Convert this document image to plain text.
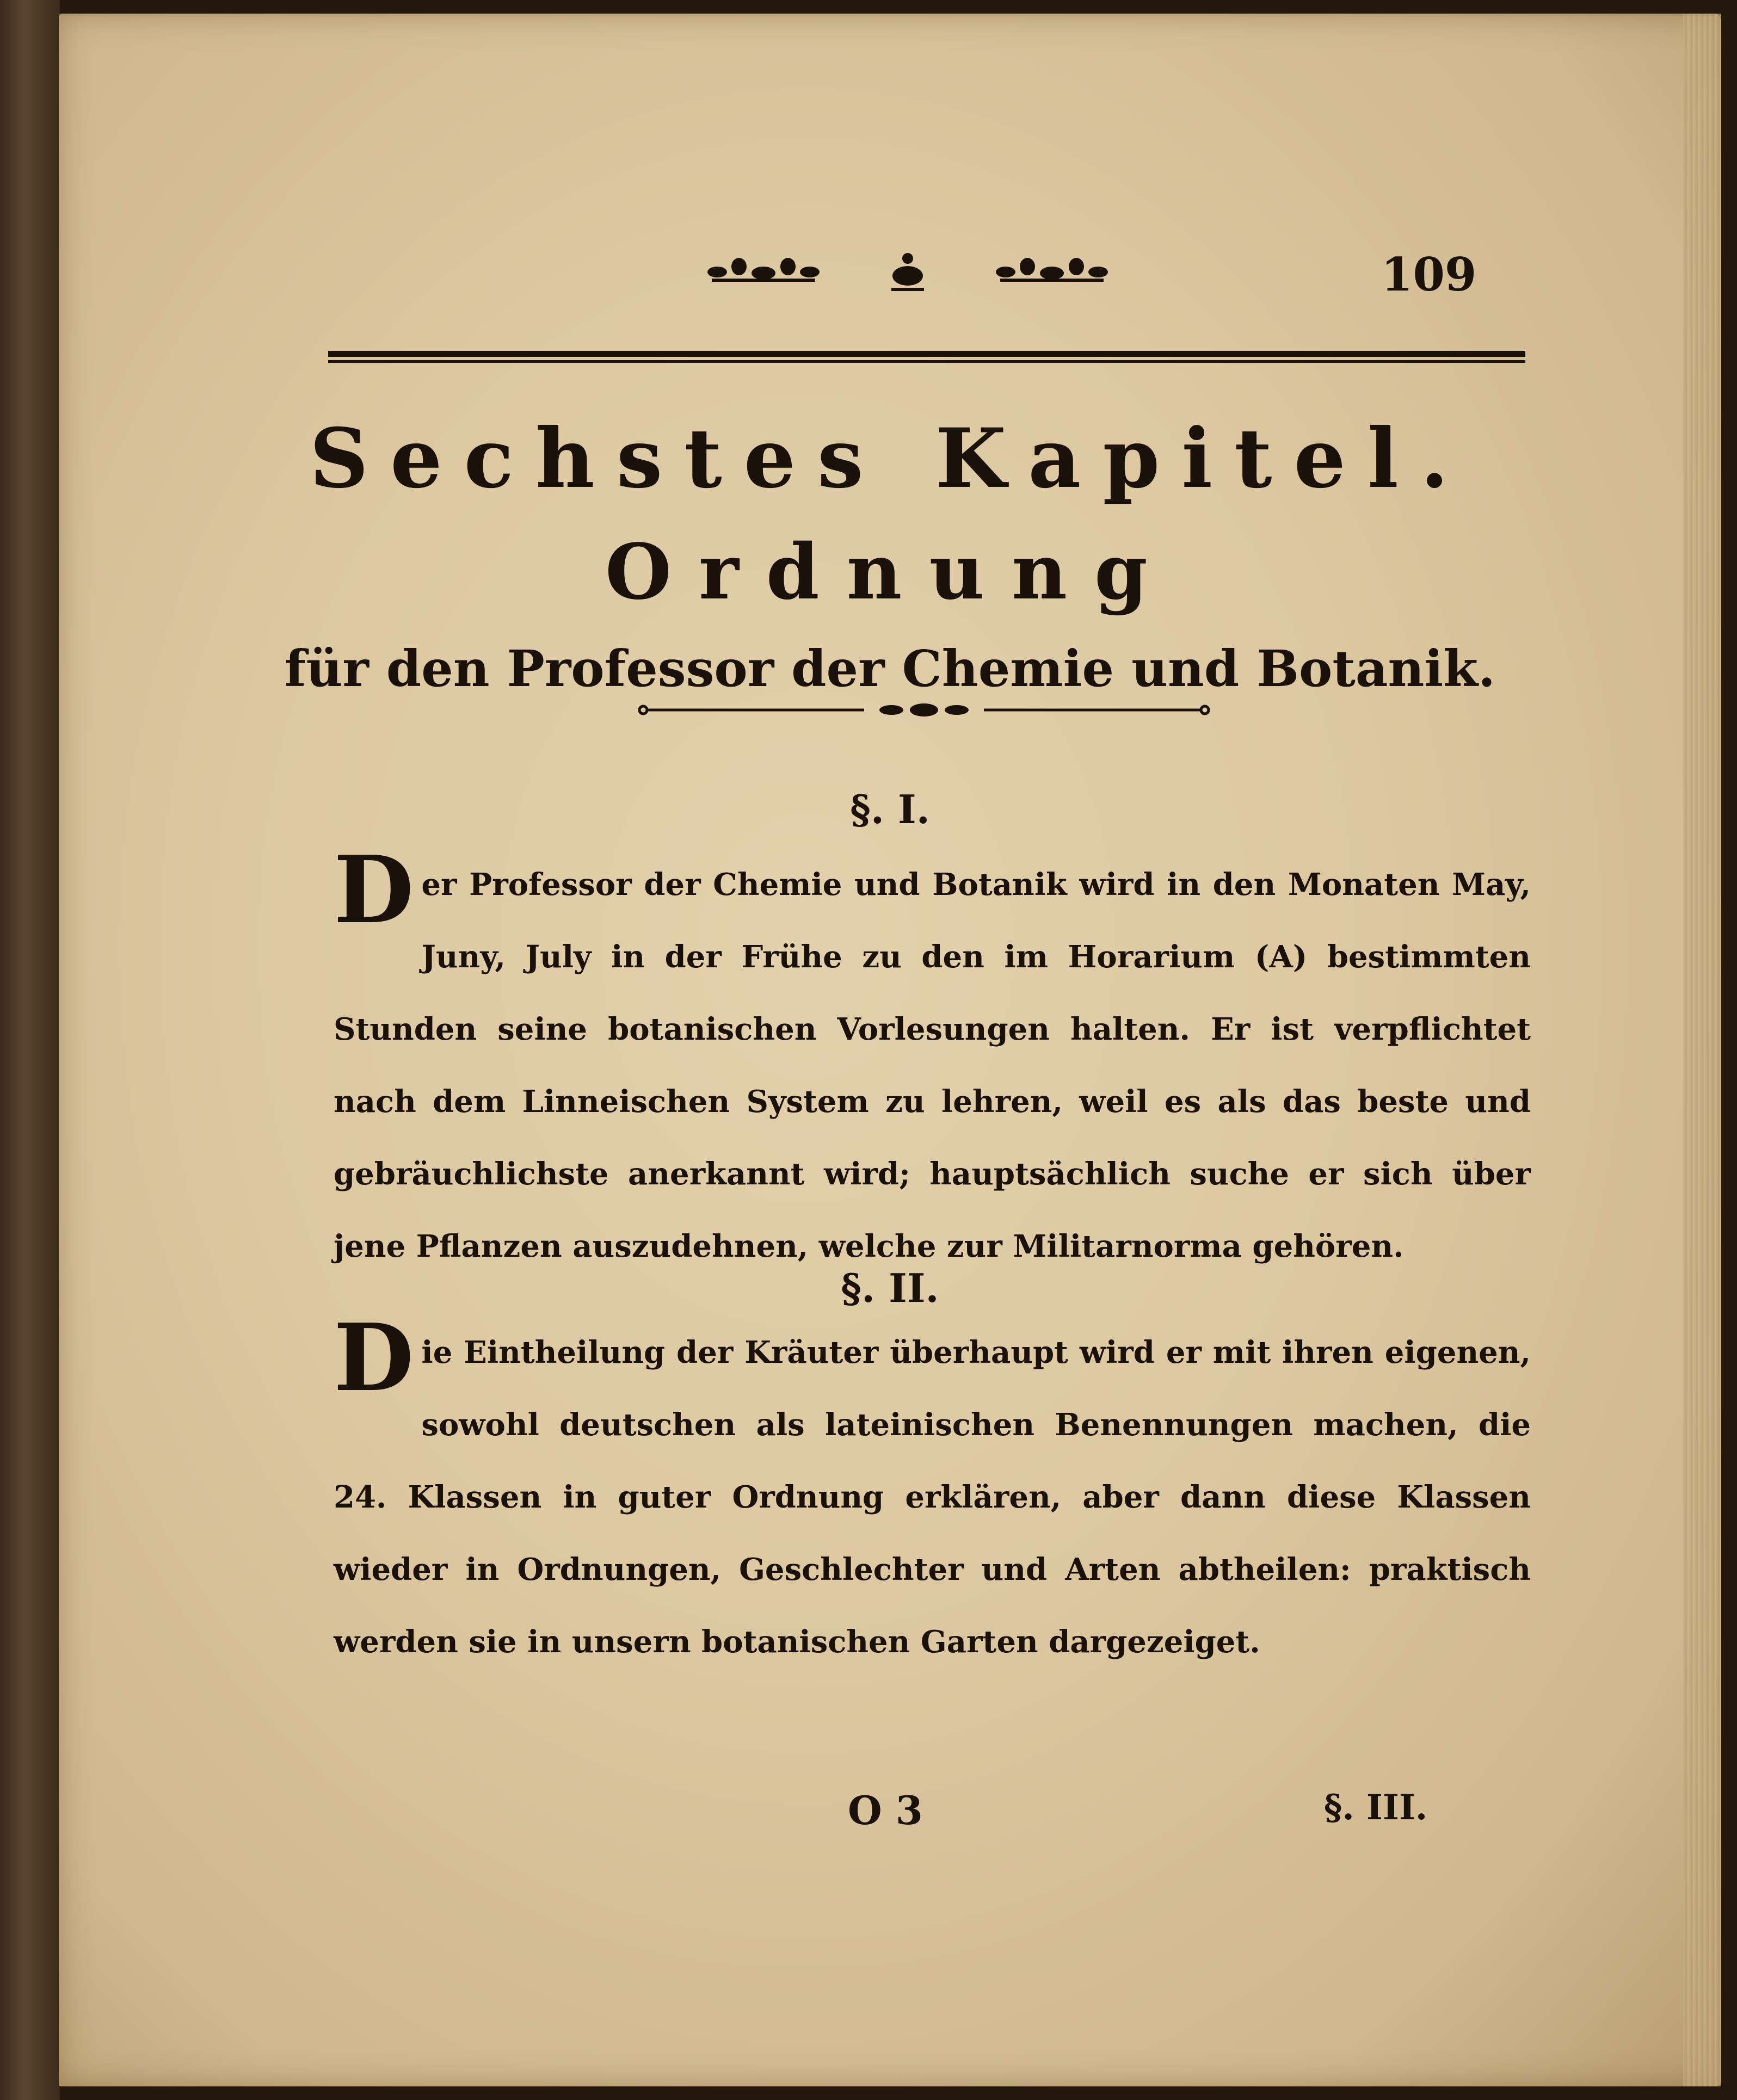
109
Sechstes Kapitel.
Ordnung
für den Professor der Chemie und Botanik.
§. I.
Der Professor der Chemie und Botanik wird in den Monaten May, Juny, July in der Frühe zu den im Horarium (A) bestimmten Stunden seine botanischen Vorlesungen halten. Er ist verpflichtet nach dem Linneischen System zu lehren, weil es als das beste und gebräuchlichste anerkannt wird; hauptsächlich suche er sich über jene Pflanzen auszudehnen, welche zur Militarnorma gehören.
§. II.
Die Eintheilung der Kräuter überhaupt wird er mit ihren eigenen, sowohl deutschen als lateinischen Benennungen machen, die 24. Klassen in guter Ordnung erklären, aber dann diese Klassen wieder in Ordnungen, Geschlechter und Arten abtheilen: praktisch werden sie in unsern botanischen Garten dargezeiget.
O 3	§. III.
